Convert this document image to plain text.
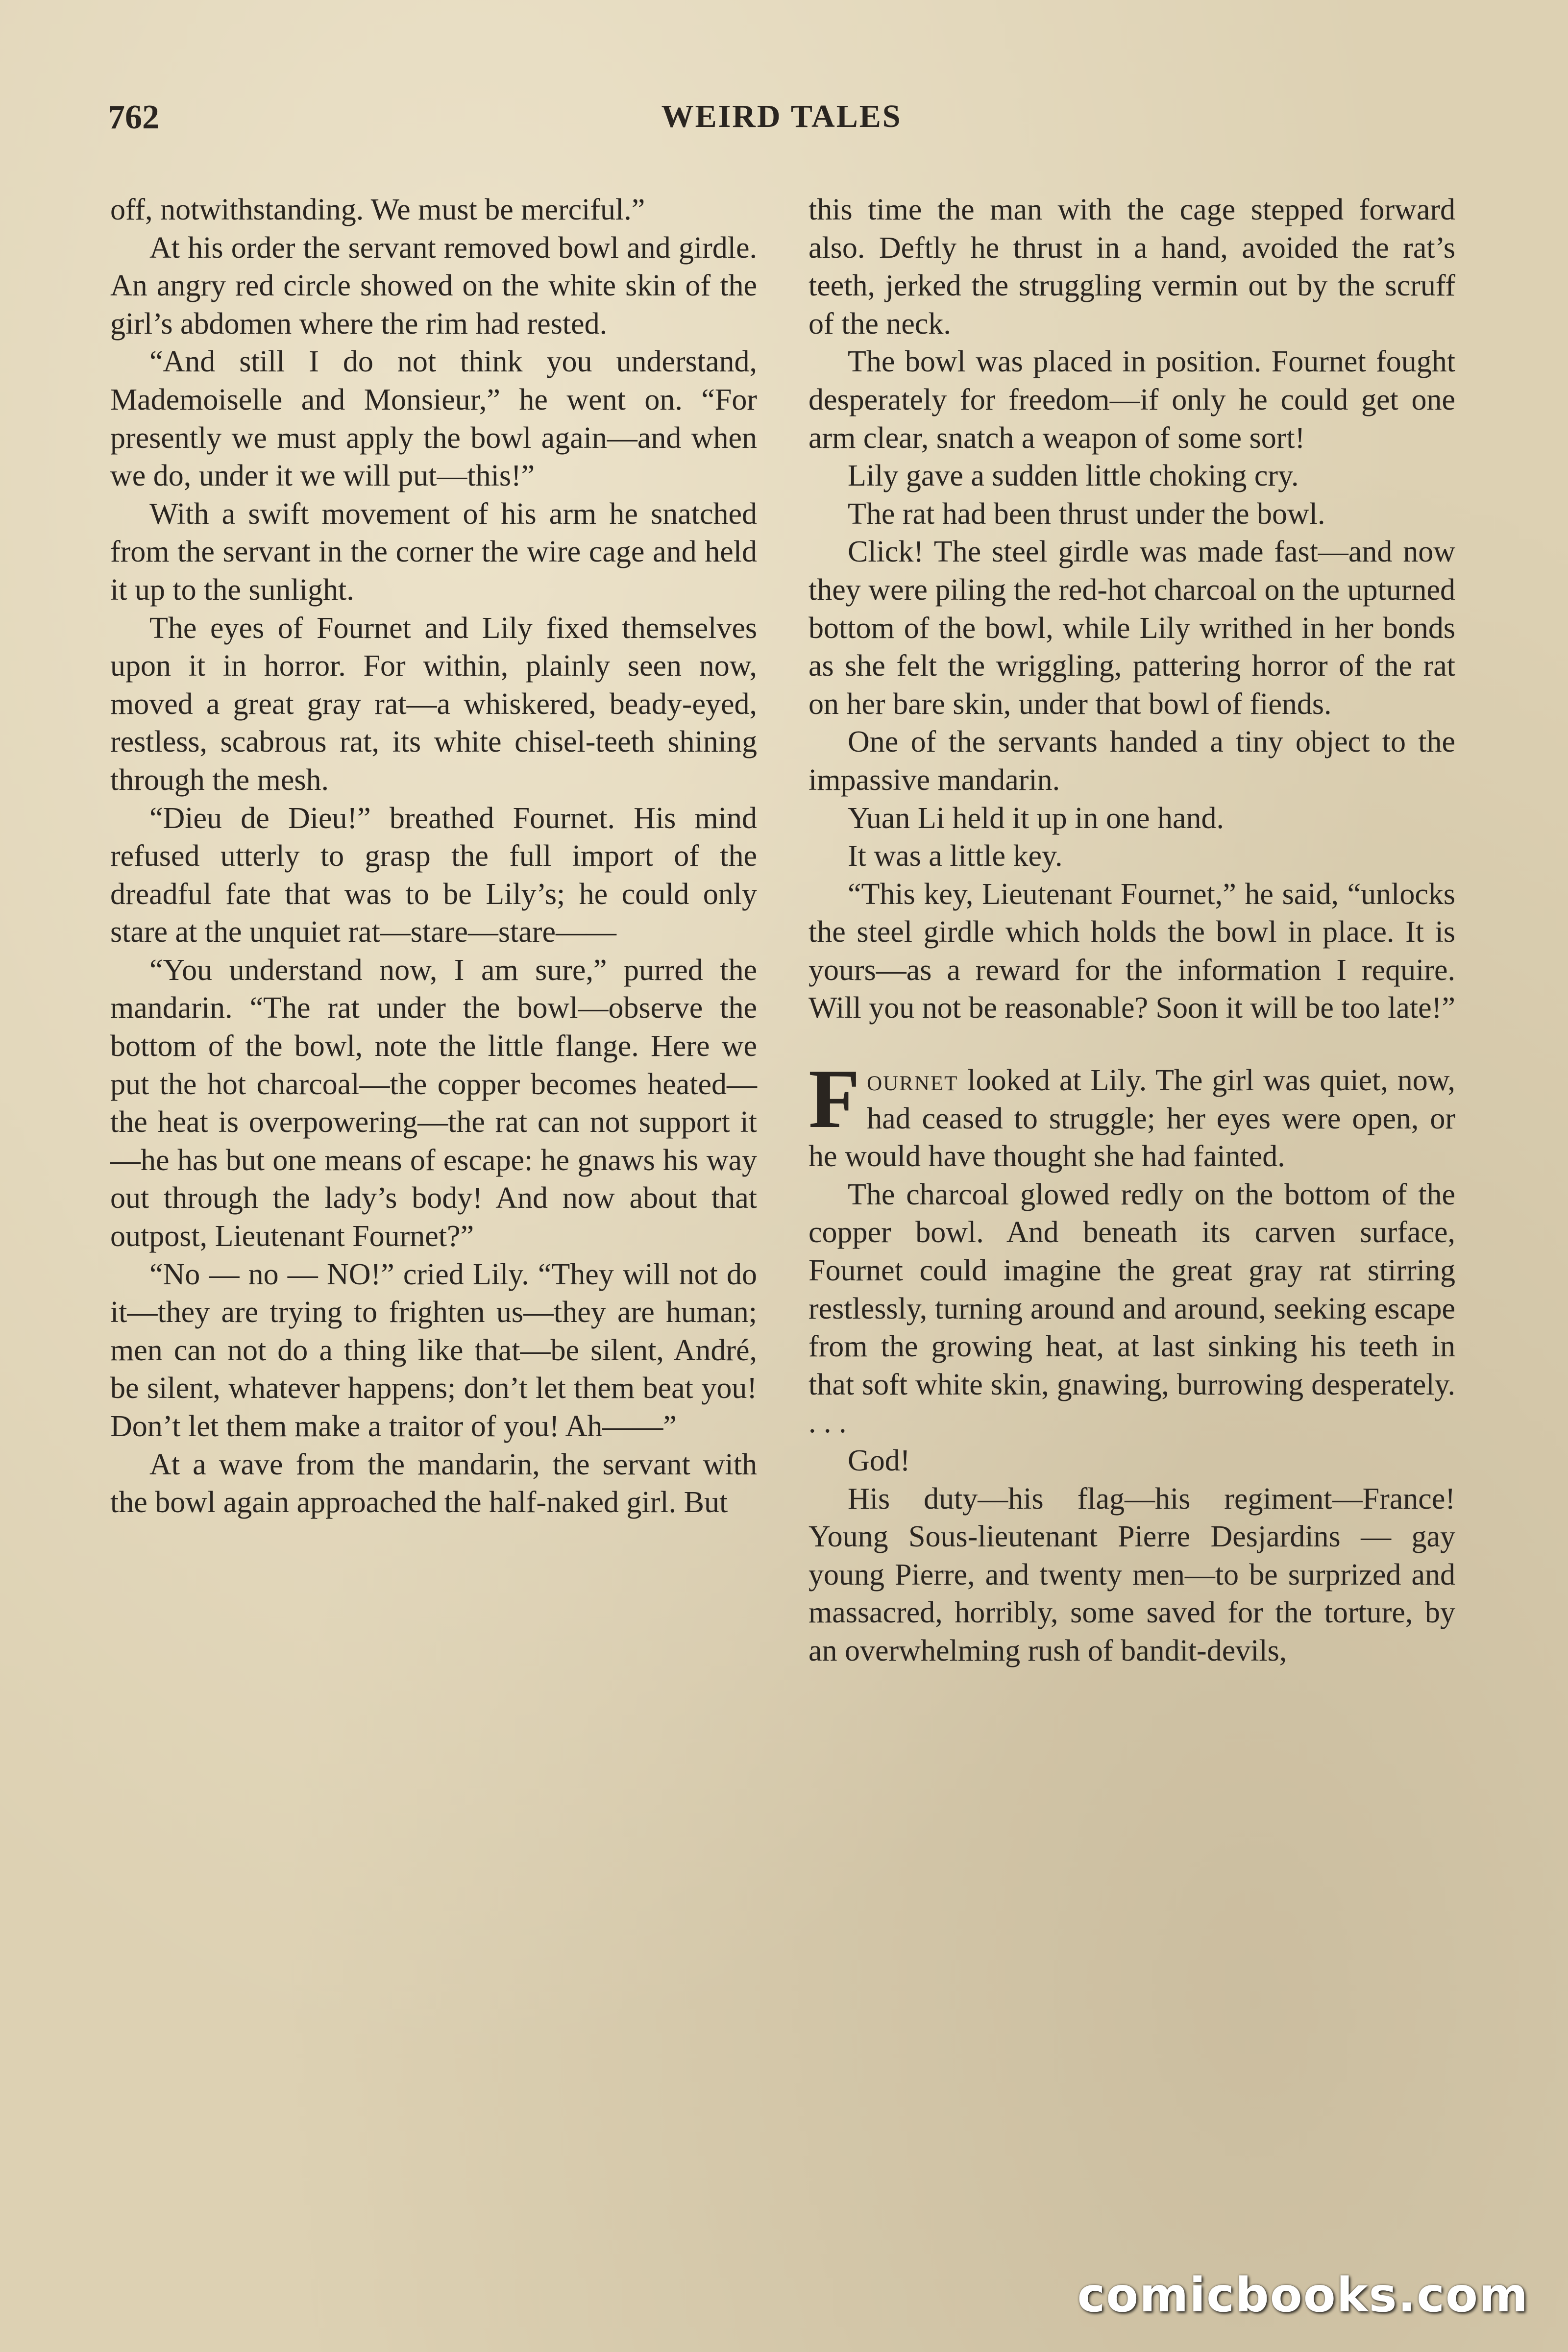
762	WEIRD TALES

off, notwithstanding. We must be merciful.”

At his order the servant removed bowl and girdle. An angry red circle showed on the white skin of the girl’s abdomen where the rim had rested.

“And still I do not think you understand, Mademoiselle and Monsieur,” he went on. “For presently we must apply the bowl again—and when we do, under it we will put—this!”

With a swift movement of his arm he snatched from the servant in the corner the wire cage and held it up to the sunlight.

The eyes of Fournet and Lily fixed themselves upon it in horror. For within, plainly seen now, moved a great gray rat—a whiskered, beady-eyed, restless, scabrous rat, its white chisel-teeth shining through the mesh.

“Dieu de Dieu!” breathed Fournet. His mind refused utterly to grasp the full import of the dreadful fate that was to be Lily’s; he could only stare at the unquiet rat—stare—stare——

“You understand now, I am sure,” purred the mandarin. “The rat under the bowl—observe the bottom of the bowl, note the little flange. Here we put the hot charcoal—the copper becomes heated—the heat is overpowering—the rat can not support it—he has but one means of escape: he gnaws his way out through the lady’s body! And now about that outpost, Lieutenant Fournet?”

“No — no — NO!” cried Lily. “They will not do it—they are trying to frighten us—they are human; men can not do a thing like that—be silent, André, be silent, whatever happens; don’t let them beat you! Don’t let them make a traitor of you! Ah——”

At a wave from the mandarin, the servant with the bowl again approached the half-naked girl. But

this time the man with the cage stepped forward also. Deftly he thrust in a hand, avoided the rat’s teeth, jerked the struggling vermin out by the scruff of the neck.

The bowl was placed in position. Fournet fought desperately for freedom—if only he could get one arm clear, snatch a weapon of some sort!

Lily gave a sudden little choking cry.

The rat had been thrust under the bowl.

Click! The steel girdle was made fast—and now they were piling the red-hot charcoal on the upturned bottom of the bowl, while Lily writhed in her bonds as she felt the wriggling, pattering horror of the rat on her bare skin, under that bowl of fiends.

One of the servants handed a tiny object to the impassive mandarin.

Yuan Li held it up in one hand.

It was a little key.

“This key, Lieutenant Fournet,” he said, “unlocks the steel girdle which holds the bowl in place. It is yours—as a reward for the information I require. Will you not be reasonable? Soon it will be too late!”

Fournet looked at Lily. The girl was quiet, now, had ceased to struggle; her eyes were open, or he would have thought she had fainted.

The charcoal glowed redly on the bottom of the copper bowl. And beneath its carven surface, Fournet could imagine the great gray rat stirring restlessly, turning around and around, seeking escape from the growing heat, at last sinking his teeth in that soft white skin, gnawing, burrowing desperately. . . .

God!

His duty—his flag—his regiment—France! Young Sous-lieutenant Pierre Desjardins — gay young Pierre, and twenty men—to be surprized and massacred, horribly, some saved for the torture, by an overwhelming rush of bandit-devils,

comicbooks.com
